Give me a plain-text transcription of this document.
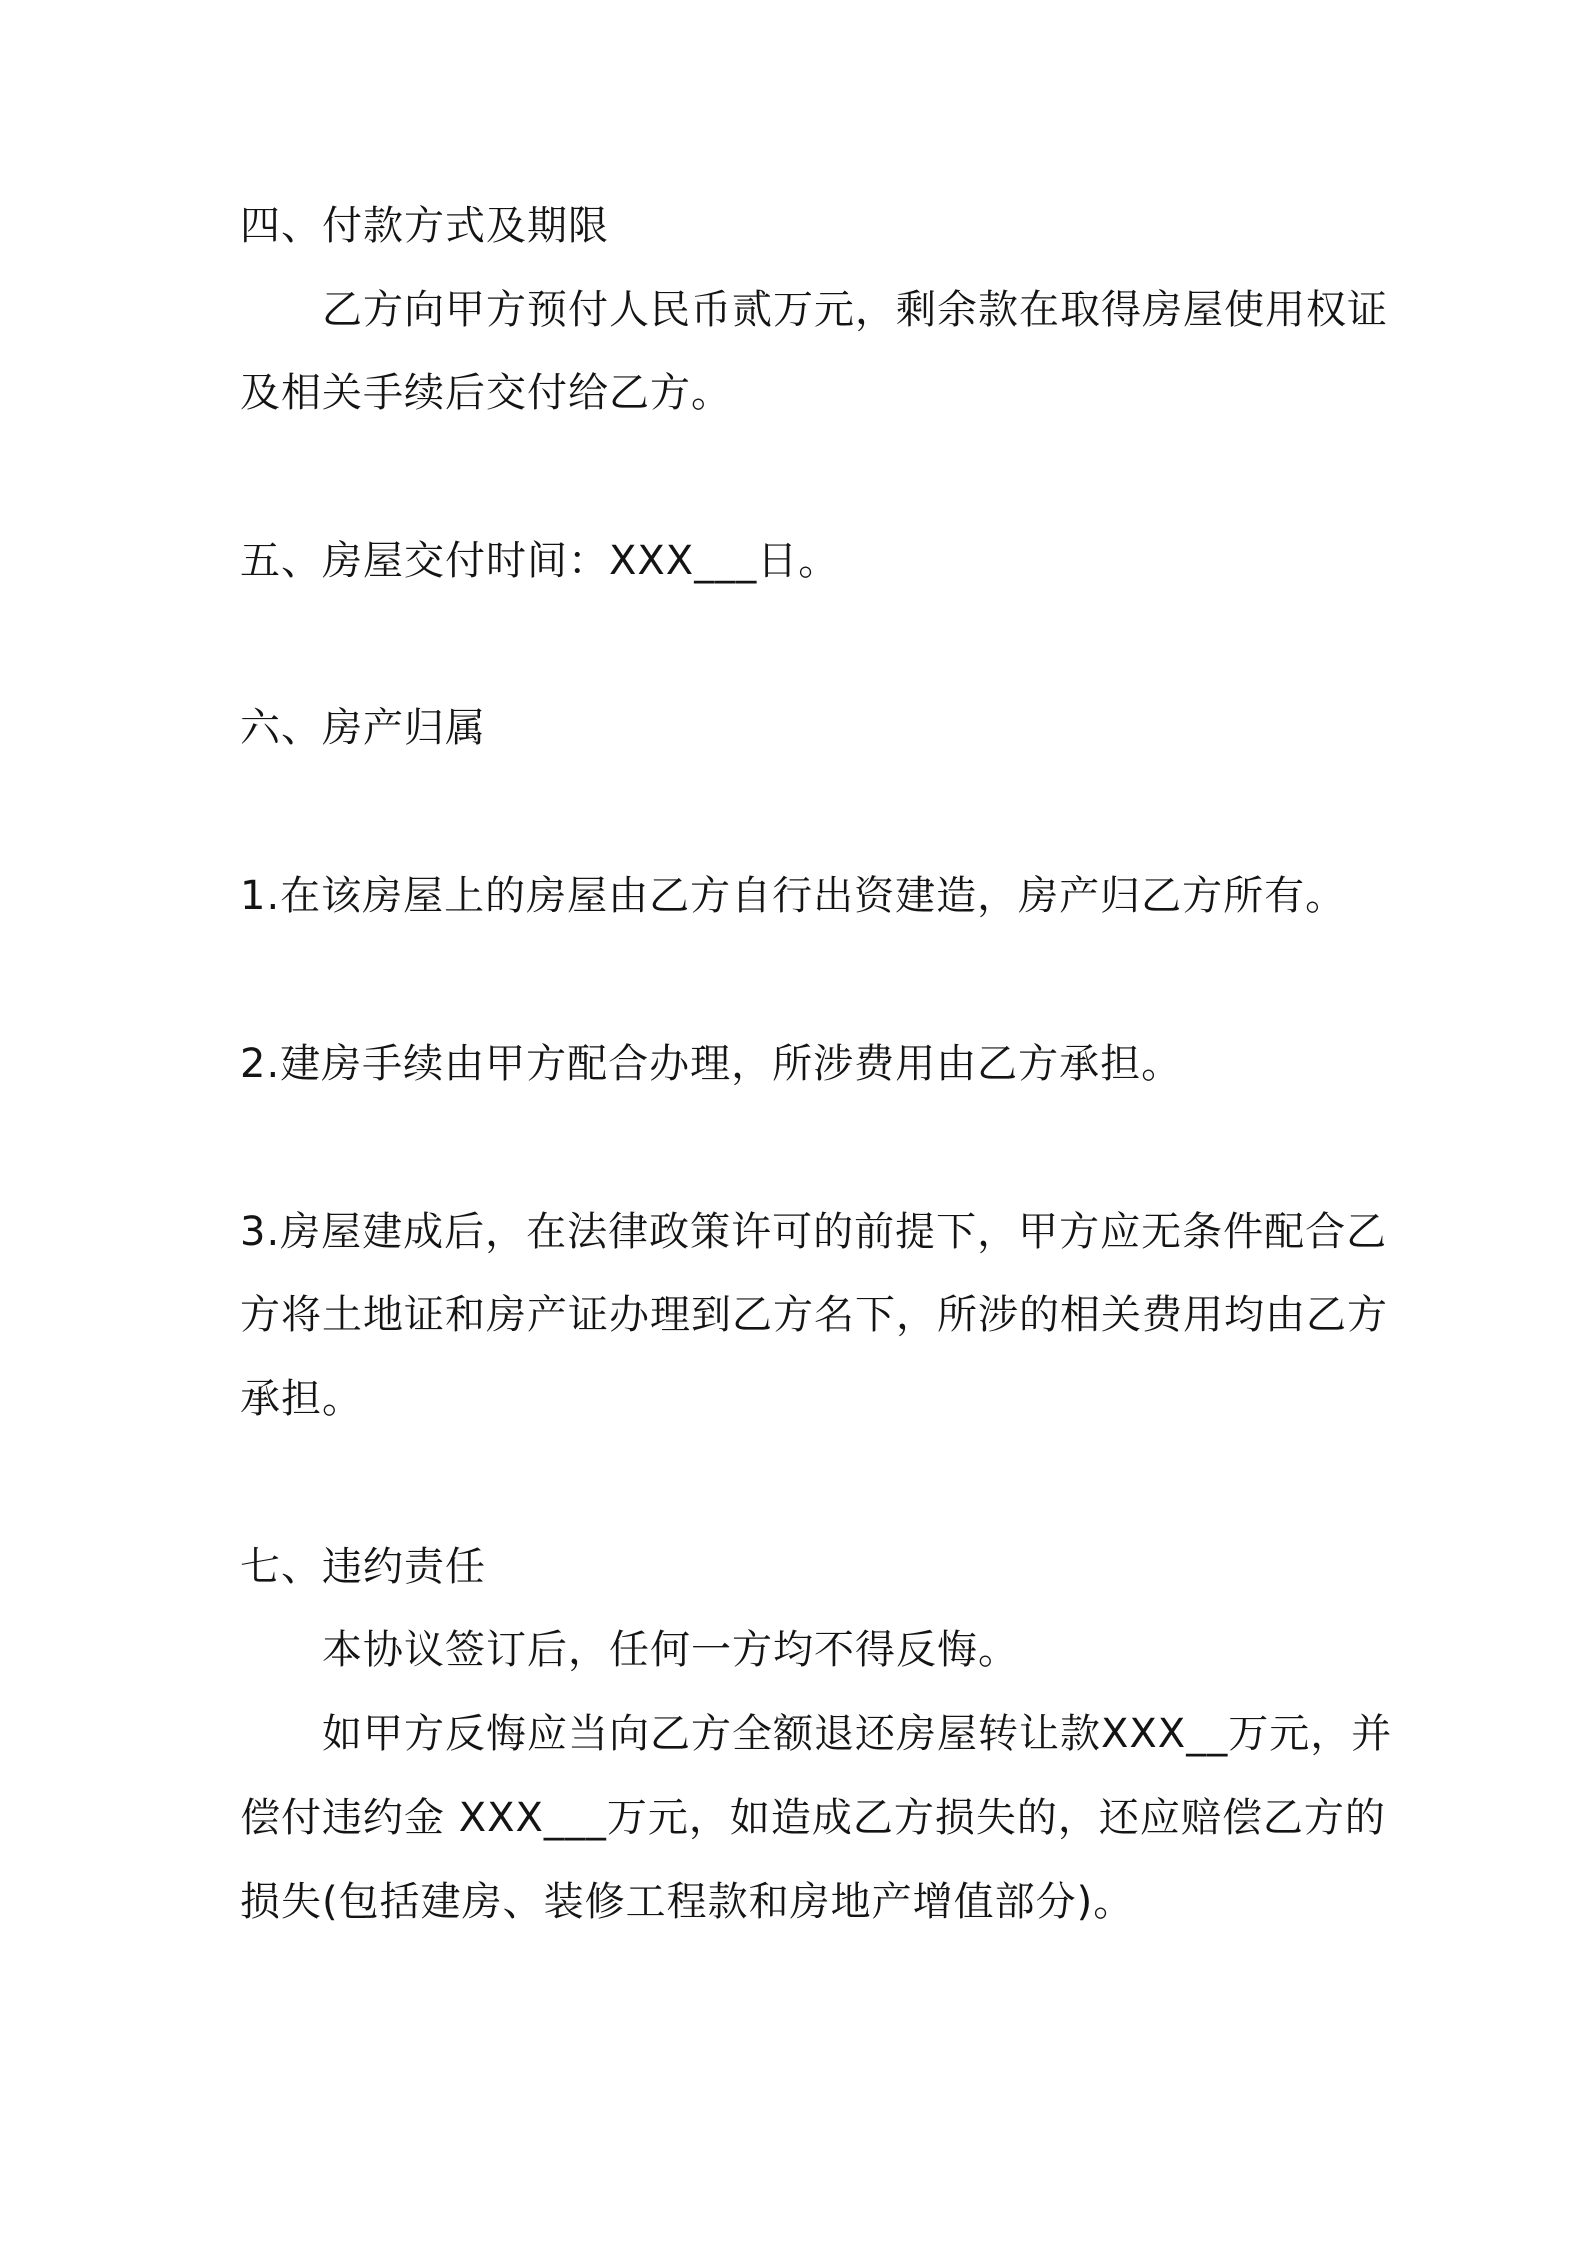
四、付款方式及期限

乙方向甲方预付人民币贰万元，剩余款在取得房屋使用权证

及相关手续后交付给乙方。

五、房屋交付时间：XXX___日。

六、房产归属

1.在该房屋上的房屋由乙方自行出资建造，房产归乙方所有。

2.建房手续由甲方配合办理，所涉费用由乙方承担。

3.房屋建成后，在法律政策许可的前提下，甲方应无条件配合乙

方将土地证和房产证办理到乙方名下，所涉的相关费用均由乙方

承担。

七、违约责任

本协议签订后，任何一方均不得反悔。

如甲方反悔应当向乙方全额退还房屋转让款XXX__万元，并

偿付违约金 XXX___万元，如造成乙方损失的，还应赔偿乙方的

损失(包括建房、装修工程款和房地产增值部分)。
